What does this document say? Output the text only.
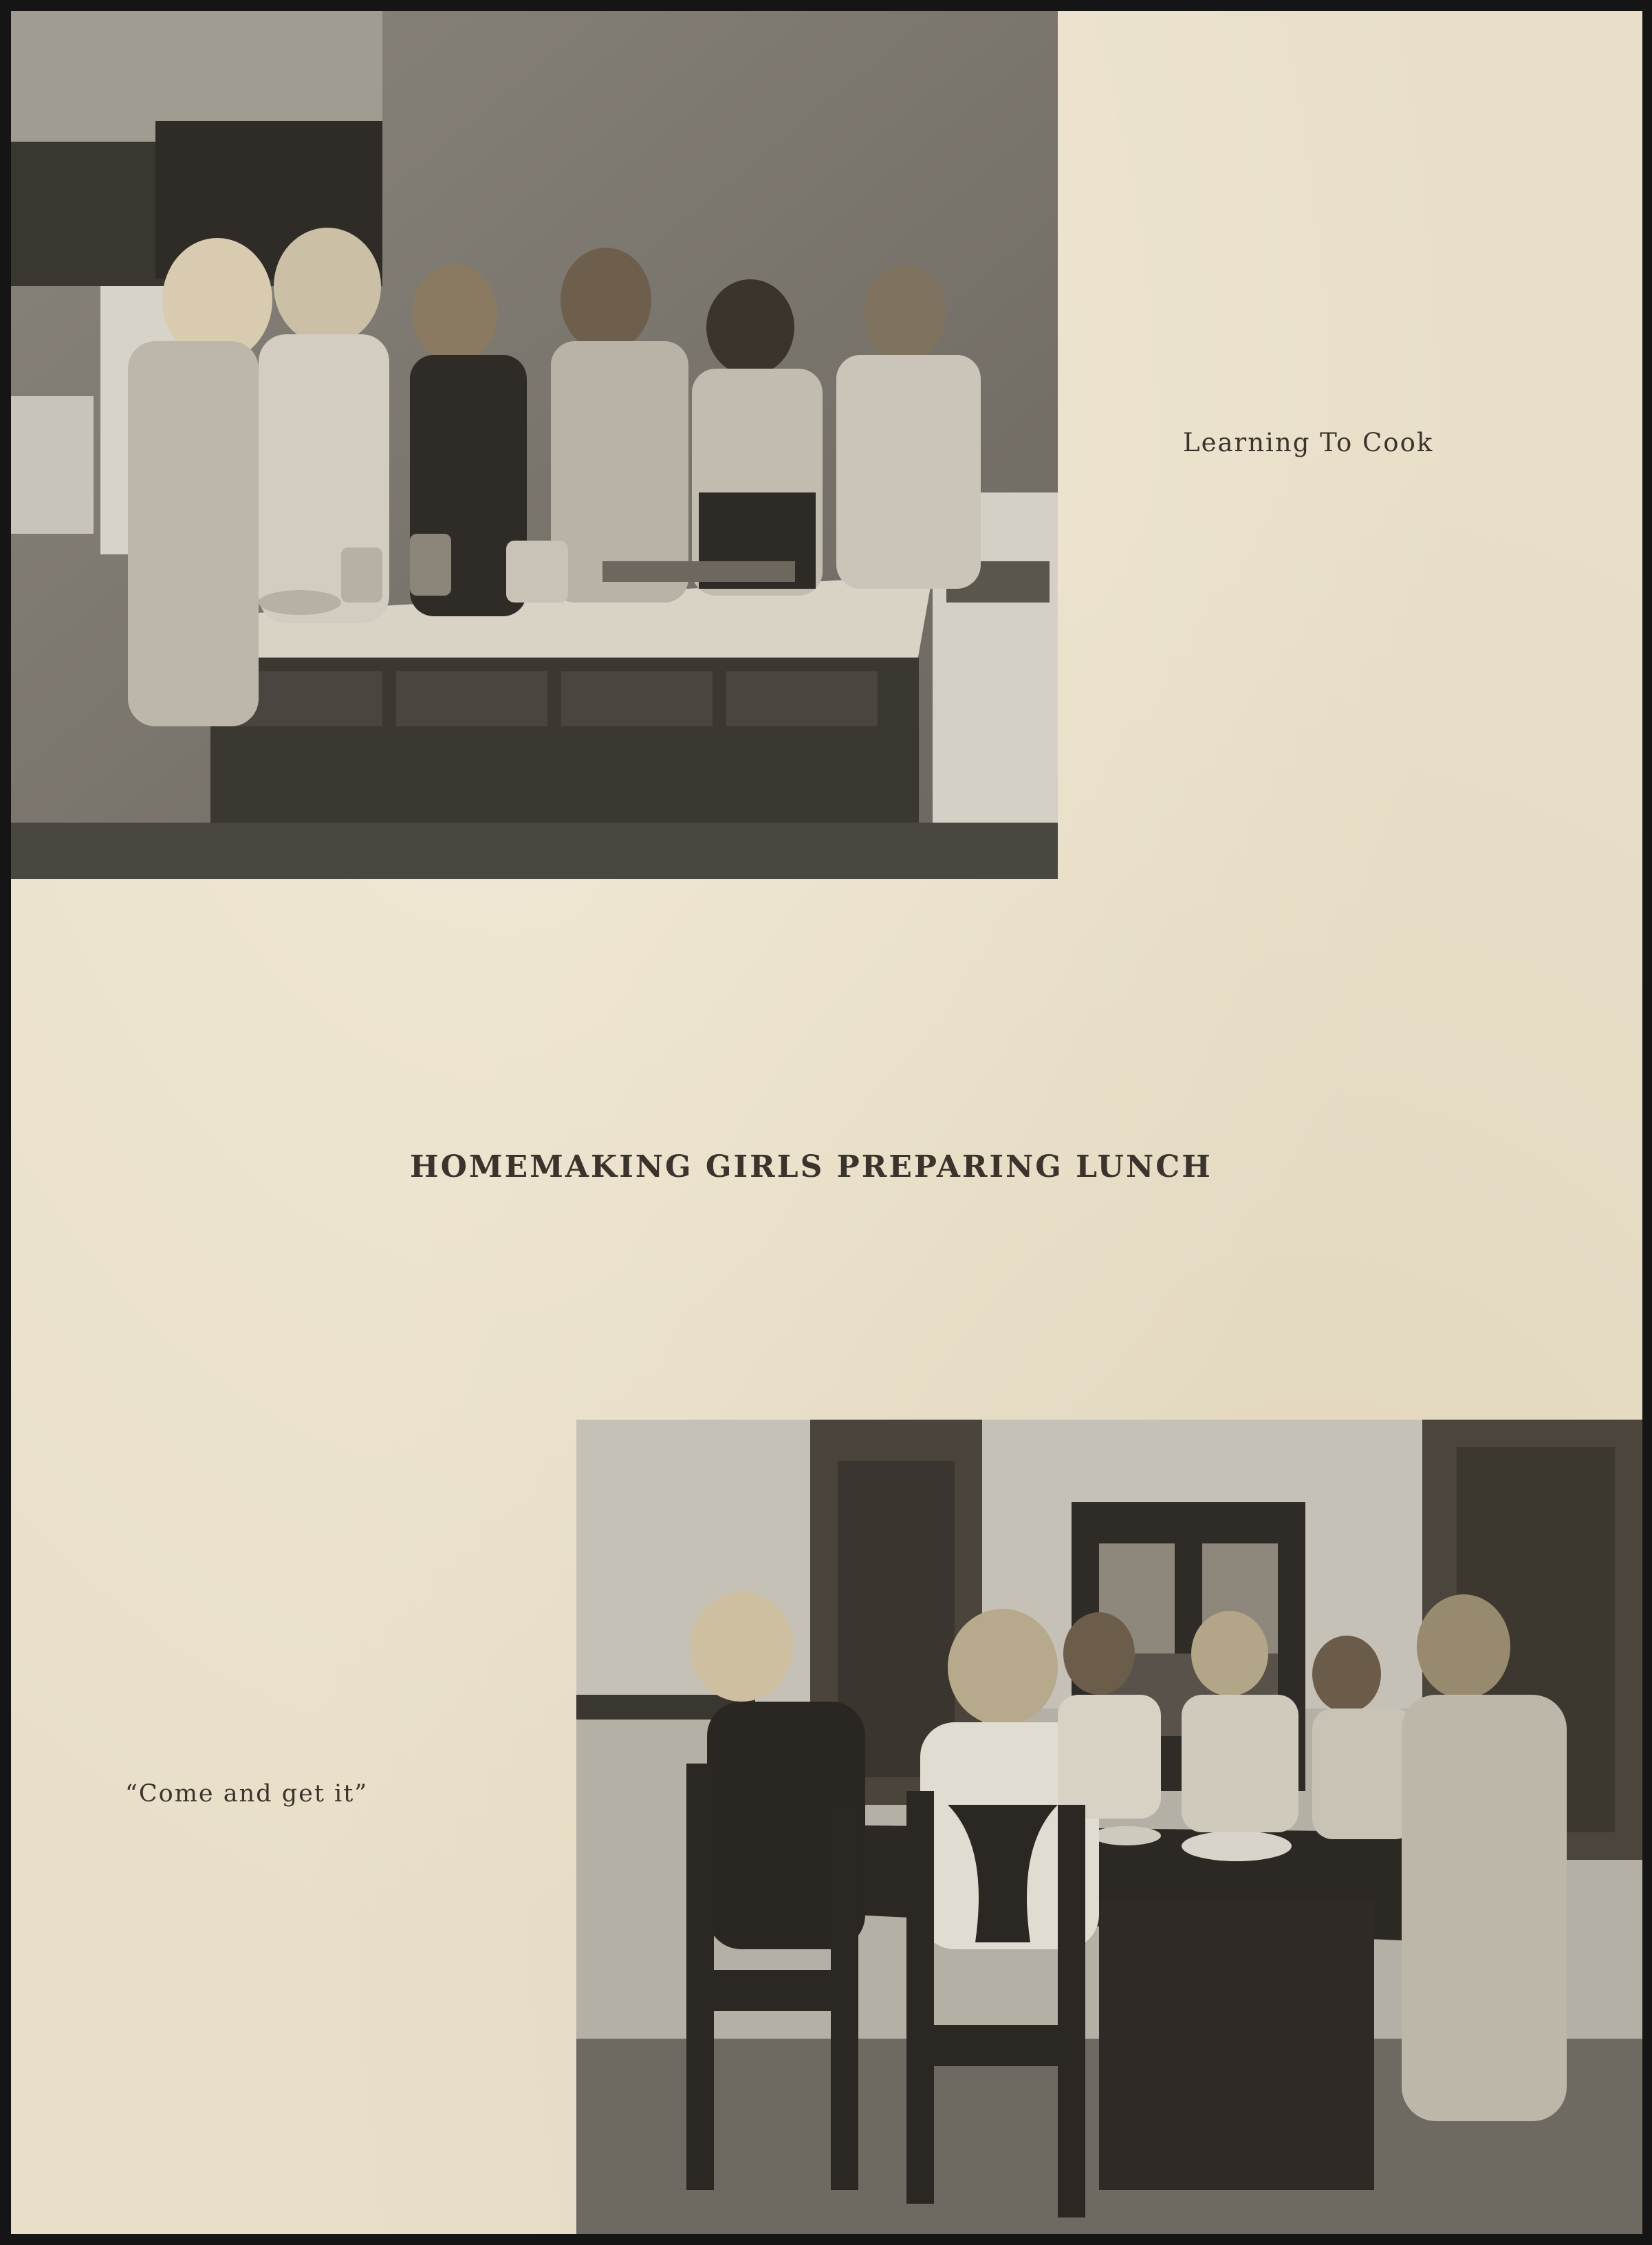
Learning To Cook
HOMEMAKING GIRLS PREPARING LUNCH
“Come and get it”
